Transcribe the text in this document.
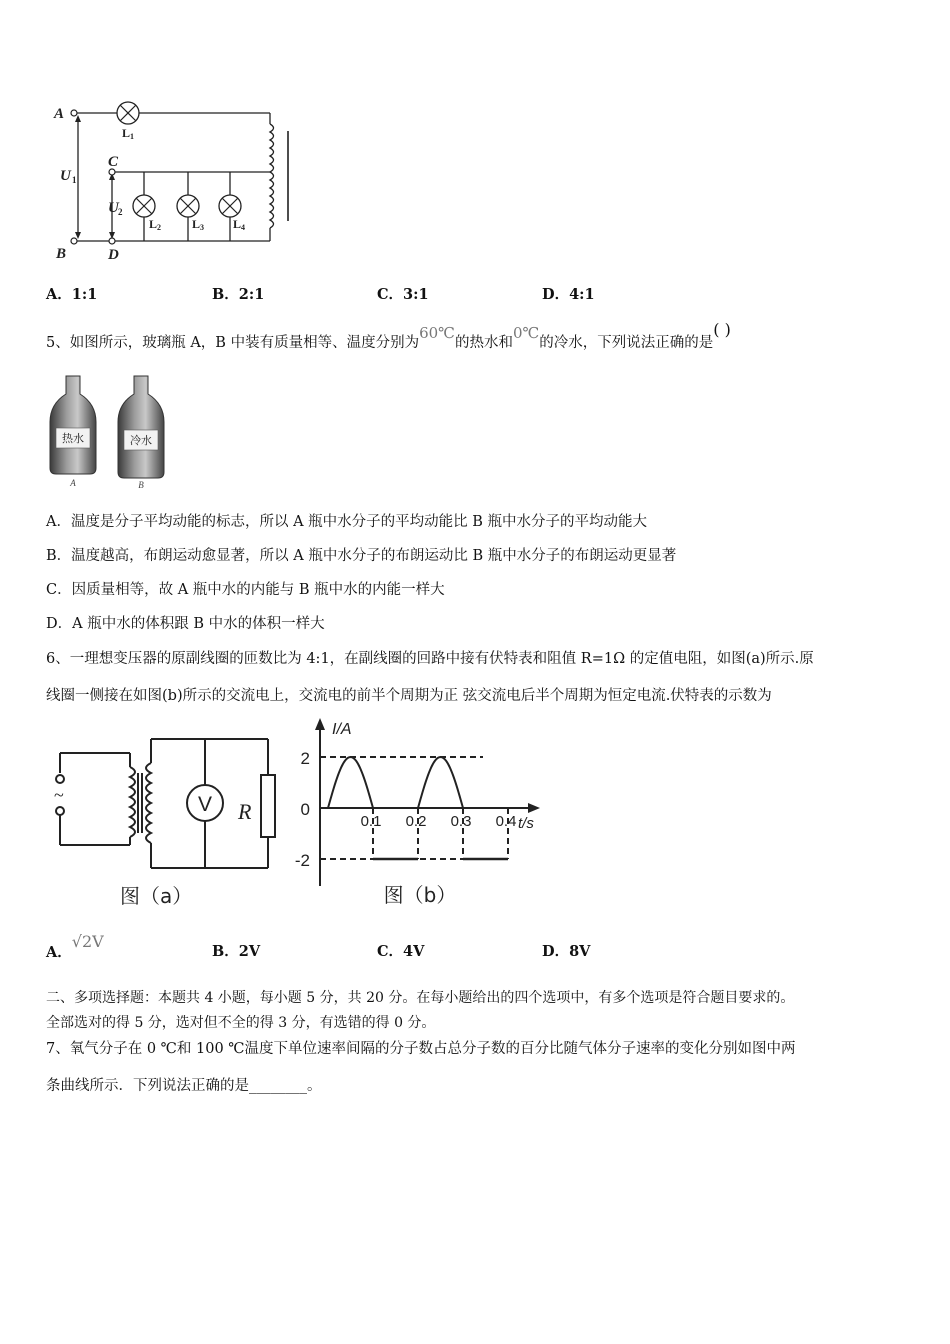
A
B
C
D
U
U
1
2
L
L	L	L
1
2	3	4
A．1:1	B．2:1	C．3:1	D．4:1
5、如图所示，玻璃瓶 A，B 中装有质量相等、温度分别为60℃的热水和0℃的冷水，下列说法正确的是( )
热水
A
冷水
B
A．温度是分子平均动能的标志，所以 A 瓶中水分子的平均动能比 B 瓶中水分子的平均动能大
B．温度越高，布朗运动愈显著，所以 A 瓶中水分子的布朗运动比 B 瓶中水分子的布朗运动更显著
C．因质量相等，故 A 瓶中水的内能与 B 瓶中水的内能一样大
D．A 瓶中水的体积跟 B 中水的体积一样大
6、一理想变压器的原副线圈的匝数比为 4:1，在副线圈的回路中接有伏特表和阻值 R=1Ω 的定值电阻，如图(a)所示.原
线圈一侧接在如图(b)所示的交流电上，交流电的前半个周期为正 弦交流电后半个周期为恒定电流.伏特表的示数为
~	V R
图（a）
I/A
t/s
2
0
-2
0.1 0.2 0.3 0.4
图（b）
A．√2V
B．2V	C．4V	D．8V
二、多项选择题：本题共 4 小题，每小题 5 分，共 20 分。在每小题给出的四个选项中，有多个选项是符合题目要求的。
全部选对的得 5 分，选对但不全的得 3 分，有选错的得 0 分。
7、氧气分子在 0 ℃和 100 ℃温度下单位速率间隔的分子数占总分子数的百分比随气体分子速率的变化分别如图中两
条曲线所示．下列说法正确的是________。
